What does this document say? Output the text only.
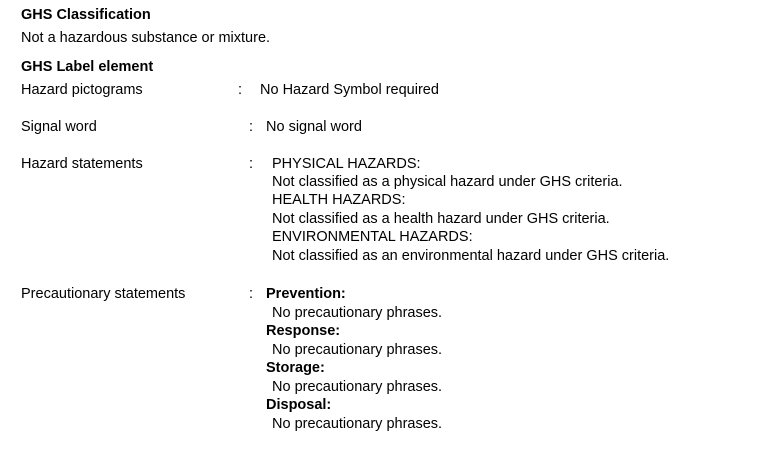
GHS Classification
Not a hazardous substance or mixture.
GHS Label element
Hazard pictograms	: No Hazard Symbol required
Signal word	: No signal word
Hazard statements	: PHYSICAL HAZARDS:
Not classified as a physical hazard under GHS criteria.
HEALTH HAZARDS:
Not classified as a health hazard under GHS criteria.
ENVIRONMENTAL HAZARDS:
Not classified as an environmental hazard under GHS criteria.
Precautionary statements	: Prevention:
No precautionary phrases.
Response:
No precautionary phrases.
Storage:
No precautionary phrases.
Disposal:
No precautionary phrases.
